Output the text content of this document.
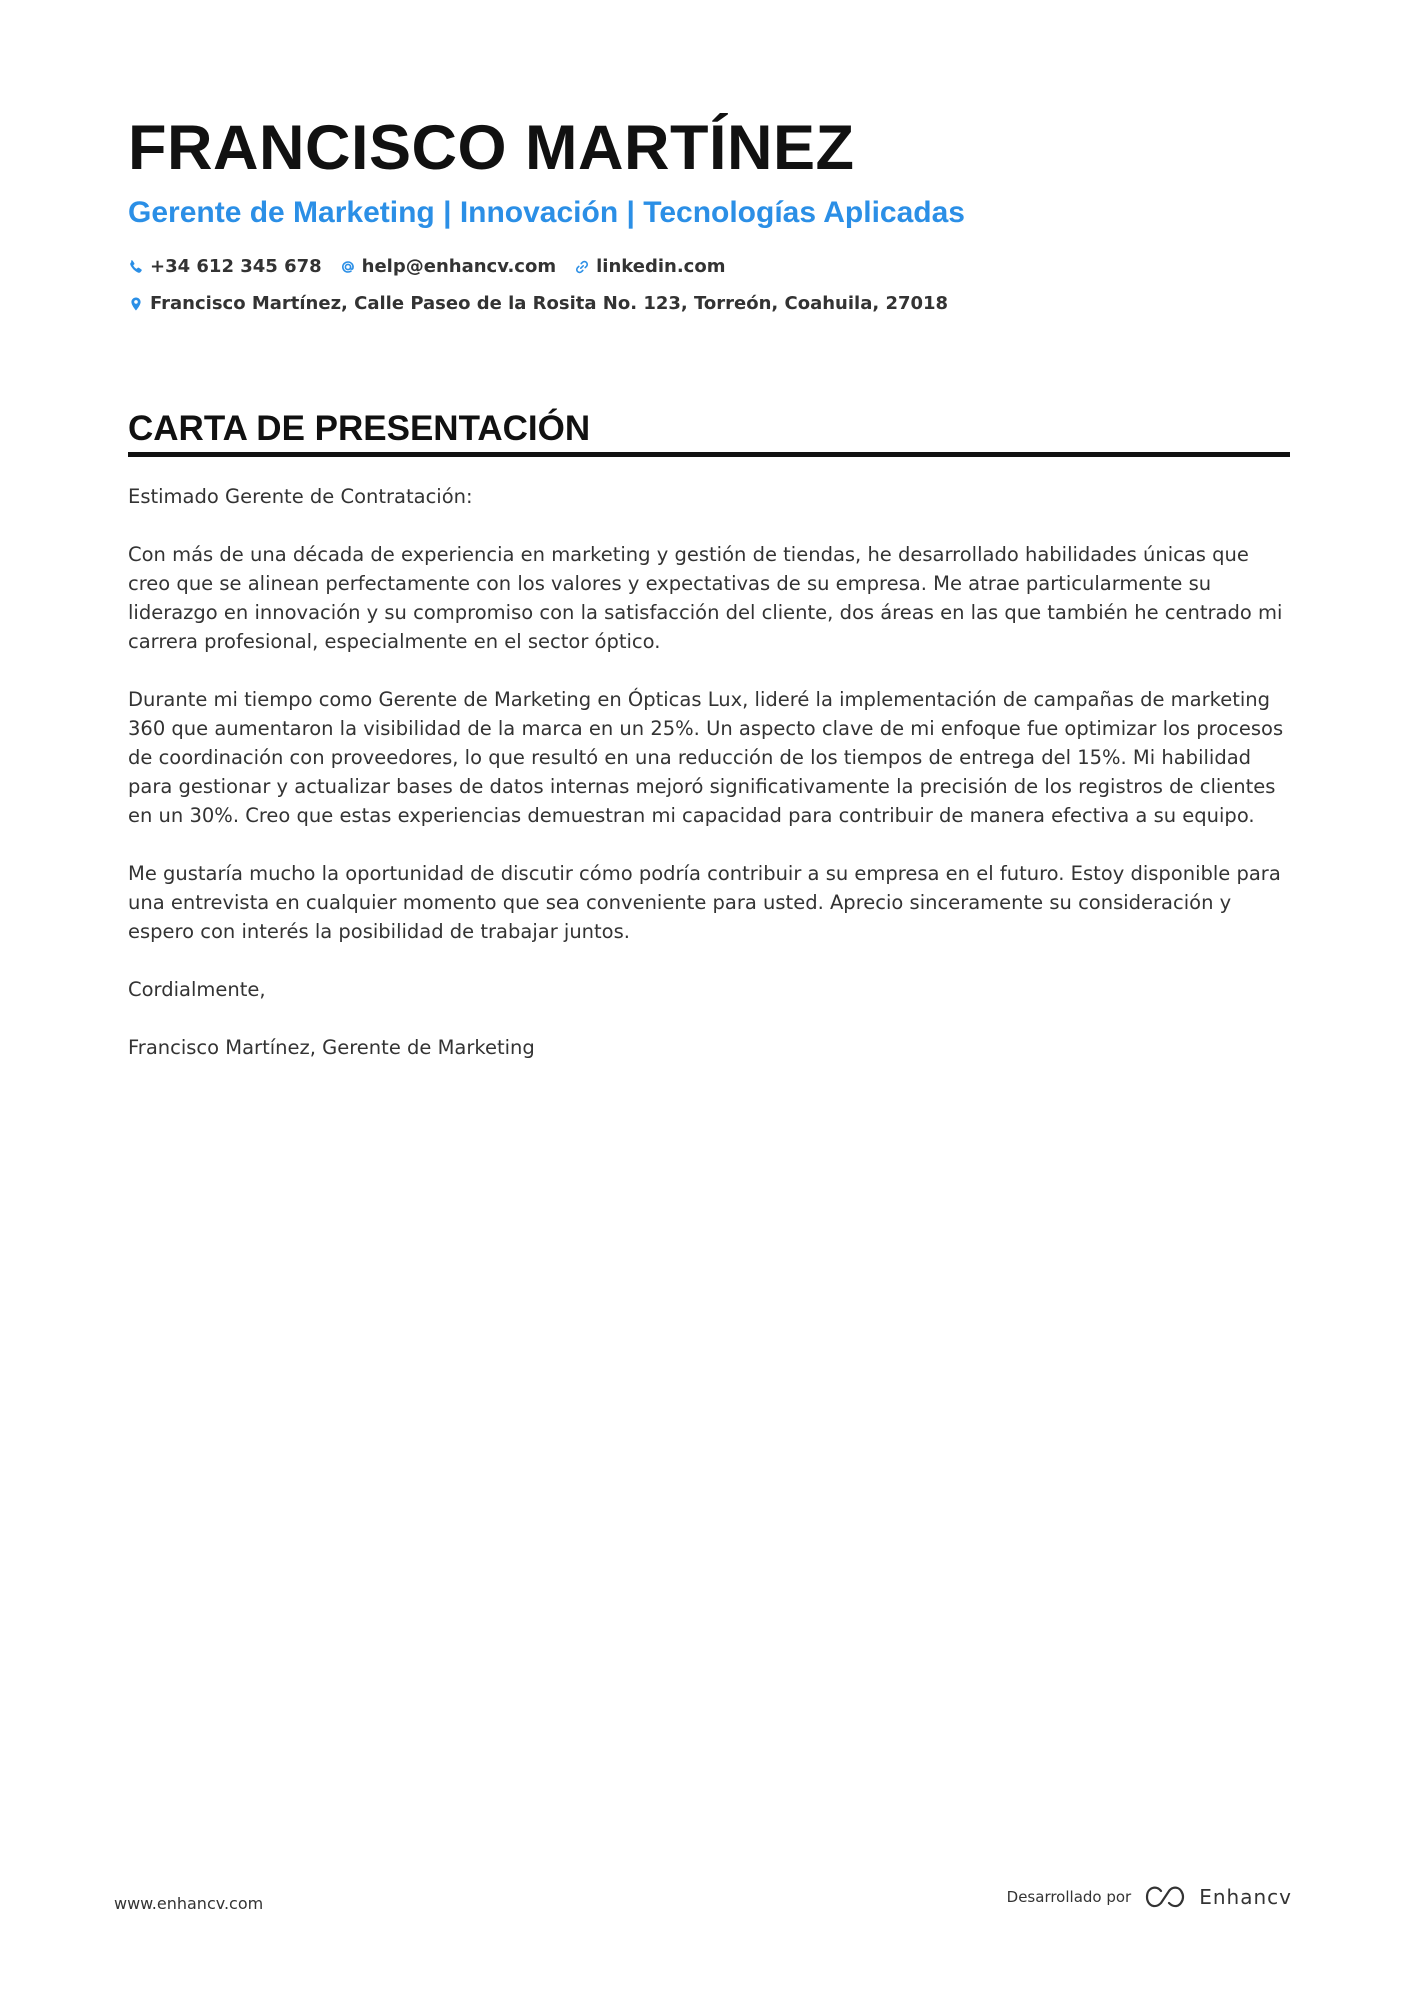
FRANCISCO MARTÍNEZ
Gerente de Marketing | Innovación | Tecnologías Aplicadas
+34 612 345 678 help@enhancv.com linkedin.com
Francisco Martínez, Calle Paseo de la Rosita No. 123, Torreón, Coahuila, 27018
CARTA DE PRESENTACIÓN

Estimado Gerente de Contratación:

Con más de una década de experiencia en marketing y gestión de tiendas, he desarrollado habilidades únicas que creo que se alinean perfectamente con los valores y expectativas de su empresa. Me atrae particularmente su liderazgo en innovación y su compromiso con la satisfacción del cliente, dos áreas en las que también he centrado mi carrera profesional, especialmente en el sector óptico.

Durante mi tiempo como Gerente de Marketing en Ópticas Lux, lideré la implementación de campañas de marketing 360 que aumentaron la visibilidad de la marca en un 25%. Un aspecto clave de mi enfoque fue optimizar los procesos de coordinación con proveedores, lo que resultó en una reducción de los tiempos de entrega del 15%. Mi habilidad para gestionar y actualizar bases de datos internas mejoró significativamente la precisión de los registros de clientes en un 30%. Creo que estas experiencias demuestran mi capacidad para contribuir de manera efectiva a su equipo.

Me gustaría mucho la oportunidad de discutir cómo podría contribuir a su empresa en el futuro. Estoy disponible para una entrevista en cualquier momento que sea conveniente para usted. Aprecio sinceramente su consideración y espero con interés la posibilidad de trabajar juntos.

Cordialmente,

Francisco Martínez, Gerente de Marketing

www.enhancv.com	Desarrollado por	Enhancv
